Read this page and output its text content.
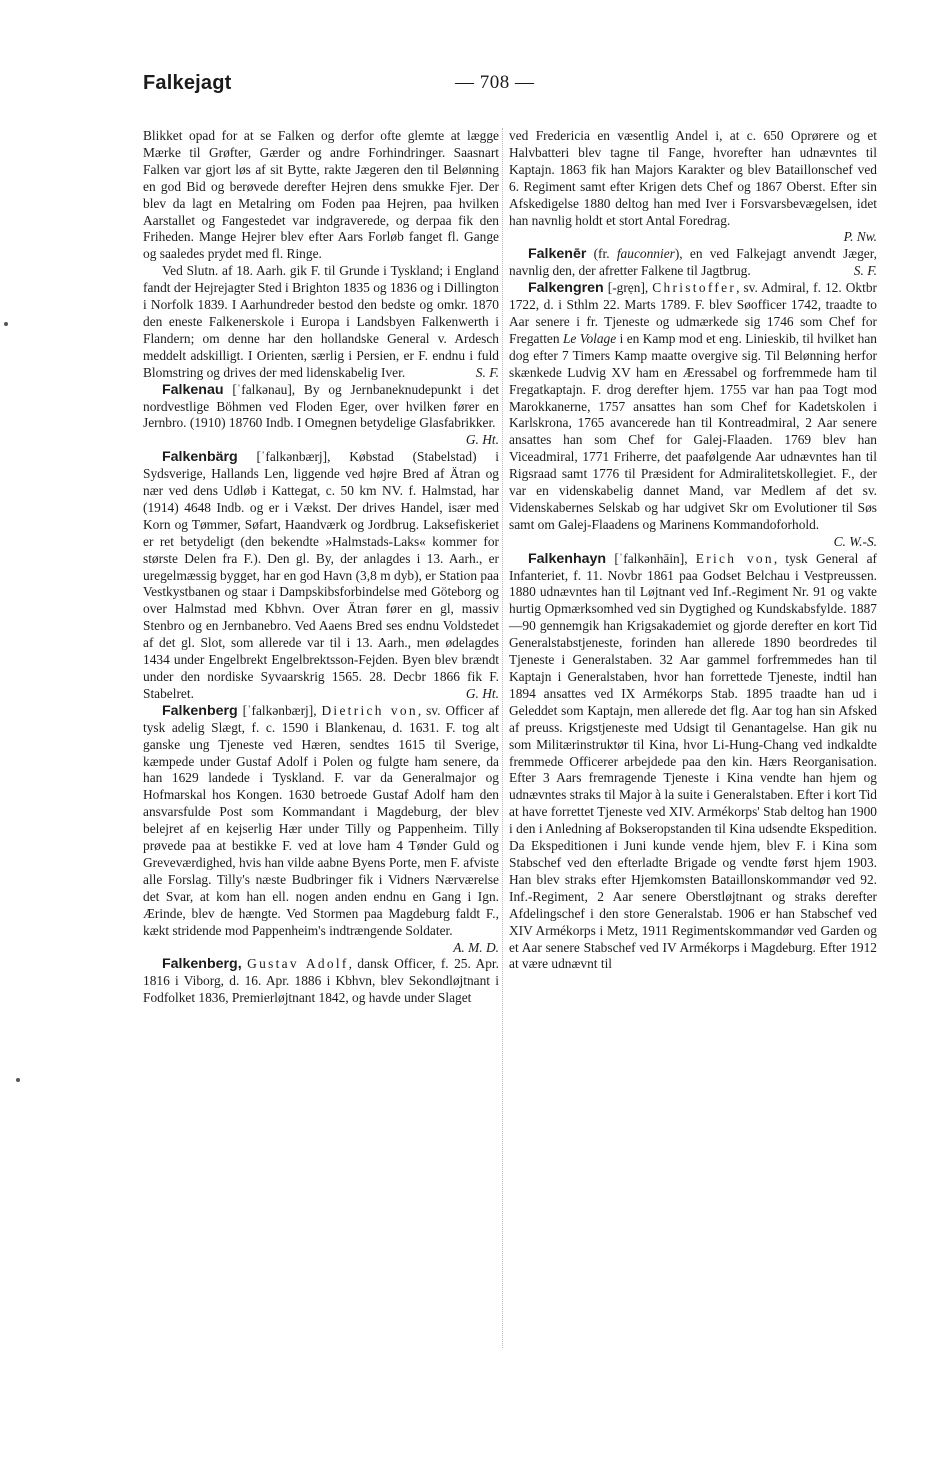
Falkejagt	— 708 —

Blikket opad for at se Falken og derfor ofte glemte at lægge Mærke til Grøfter, Gærder og andre Forhindringer. Saasnart Falken var gjort løs af sit Bytte, rakte Jægeren den til Belønning en god Bid og berøvede derefter Hejren dens smukke Fjer. Der blev da lagt en Metalring om Foden paa Hejren, paa hvilken Aarstallet og Fangestedet var indgraverede, og derpaa fik den Friheden. Mange Hejrer blev efter Aars Forløb fanget fl. Gange og saaledes prydet med fl. Ringe.

Ved Slutn. af 18. Aarh. gik F. til Grunde i Tyskland; i England fandt der Hejrejagter Sted i Brighton 1835 og 1836 og i Dillington i Norfolk 1839. I Aarhundreder bestod den bedste og omkr. 1870 den eneste Falkenerskole i Europa i Landsbyen Falkenwerth i Flandern; om denne har den hollandske General v. Ardesch meddelt adskilligt. I Orienten, særlig i Persien, er F. endnu i fuld Blomstring og drives der med lidenskabelig Iver.	S. F.

Falkenau [ˈfalkənau], By og Jernbaneknudepunkt i det nordvestlige Böhmen ved Floden Eger, over hvilken fører en Jernbro. (1910) 18760 Indb. I Omegnen betydelige Glasfabrikker.
G. Ht.

Falkenbärg [ˈfalkənbærj], Købstad (Stabelstad) i Sydsverige, Hallands Len, liggende ved højre Bred af Ätran og nær ved dens Udløb i Kattegat, c. 50 km NV. f. Halmstad, har (1914) 4648 Indb. og er i Vækst. Der drives Handel, især med Korn og Tømmer, Søfart, Haandværk og Jordbrug. Laksefiskeriet er ret betydeligt (den bekendte »Halmstads-Laks« kommer for største Delen fra F.). Den gl. By, der anlagdes i 13. Aarh., er uregelmæssig bygget, har en god Havn (3,8 m dyb), er Station paa Vestkystbanen og staar i Dampskibsforbindelse med Göteborg og over Halmstad med Kbhvn. Over Ätran fører en gl, massiv Stenbro og en Jernbanebro. Ved Aaens Bred ses endnu Voldstedet af det gl. Slot, som allerede var til i 13. Aarh., men ødelagdes 1434 under Engelbrekt Engelbrektsson-Fejden. Byen blev brændt under den nordiske Syvaarskrig 1565. 28. Decbr 1866 fik F. Stabelret.	G. Ht.

Falkenberg [ˈfalkənbærj], Dietrich von, sv. Officer af tysk adelig Slægt, f. c. 1590 i Blankenau, d. 1631. F. tog alt ganske ung Tjeneste ved Hæren, sendtes 1615 til Sverige, kæmpede under Gustaf Adolf i Polen og fulgte ham senere, da han 1629 landede i Tyskland. F. var da Generalmajor og Hofmarskal hos Kongen. 1630 betroede Gustaf Adolf ham den ansvarsfulde Post som Kommandant i Magdeburg, der blev belejret af en kejserlig Hær under Tilly og Pappenheim. Tilly prøvede paa at bestikke F. ved at love ham 4 Tønder Guld og Greveværdighed, hvis han vilde aabne Byens Porte, men F. afviste alle Forslag. Tilly's næste Budbringer fik i Vidners Nærværelse det Svar, at kom han ell. nogen anden endnu en Gang i Ign. Ærinde, blev de hængte. Ved Stormen paa Magdeburg faldt F., kækt stridende mod Pappenheim's indtrængende Soldater.
A. M. D.

Falkenberg, Gustav Adolf, dansk Officer, f. 25. Apr. 1816 i Viborg, d. 16. Apr. 1886 i Kbhvn, blev Sekondløjtnant i Fodfolket 1836, Premierløjtnant 1842, og havde under Slaget

ved Fredericia en væsentlig Andel i, at c. 650 Oprørere og et Halvbatteri blev tagne til Fange, hvorefter han udnævntes til Kaptajn. 1863 fik han Majors Karakter og blev Bataillonschef ved 6. Regiment samt efter Krigen dets Chef og 1867 Oberst. Efter sin Afskedigelse 1880 deltog han med Iver i Forsvarsbevægelsen, idet han navnlig holdt et stort Antal Foredrag.

P. Nw.

Falkenēr (fr. fauconnier), en ved Falkejagt anvendt Jæger, navnlig den, der afretter Falkene til Jagtbrug.	S. F.

Falkengren [-grẹn], Christoffer, sv. Admiral, f. 12. Oktbr 1722, d. i Sthlm 22. Marts 1789. F. blev Søofficer 1742, traadte to Aar senere i fr. Tjeneste og udmærkede sig 1746 som Chef for Fregatten Le Volage i en Kamp mod et eng. Linieskib, til hvilket han dog efter 7 Timers Kamp maatte overgive sig. Til Belønning herfor skænkede Ludvig XV ham en Æressabel og forfremmede ham til Fregatkaptajn. F. drog derefter hjem. 1755 var han paa Togt mod Marokkanerne, 1757 ansattes han som Chef for Kadetskolen i Karlskrona, 1765 avancerede han til Kontreadmiral, 2 Aar senere ansattes han som Chef for Galej-Flaaden. 1769 blev han Viceadmiral, 1771 Friherre, det paafølgende Aar udnævntes han til Rigsraad samt 1776 til Præsident for Admiralitetskollegiet. F., der var en videnskabelig dannet Mand, var Medlem af det sv. Videnskabernes Selskab og har udgivet Skr om Evolutioner til Søs samt om Galej-Flaadens og Marinens Kommandoforhold.
C. W.-S.

Falkenhayn [ˈfalkənhāin], Erich von, tysk General af Infanteriet, f. 11. Novbr 1861 paa Godset Belchau i Vestpreussen. 1880 udnævntes han til Løjtnant ved Inf.-Regiment Nr. 91 og vakte hurtig Opmærksomhed ved sin Dygtighed og Kundskabsfylde. 1887—90 gennemgik han Krigsakademiet og gjorde derefter en kort Tid Generalstabstjeneste, forinden han allerede 1890 beordredes til Tjeneste i Generalstaben. 32 Aar gammel forfremmedes han til Kaptajn i Generalstaben, hvor han forrettede Tjeneste, indtil han 1894 ansattes ved IX Armékorps Stab. 1895 traadte han ud i Geleddet som Kaptajn, men allerede det flg. Aar tog han sin Afsked af preuss. Krigstjeneste med Udsigt til Genantagelse. Han gik nu som Militærinstruktør til Kina, hvor Li-Hung-Chang ved indkaldte fremmede Officerer arbejdede paa den kin. Hærs Reorganisation. Efter 3 Aars fremragende Tjeneste i Kina vendte han hjem og udnævntes straks til Major à la suite i Generalstaben. Efter i kort Tid at have forrettet Tjeneste ved XIV. Armékorps' Stab deltog han 1900 i den i Anledning af Bokseropstanden til Kina udsendte Ekspedition. Da Ekspeditionen i Juni kunde vende hjem, blev F. i Kina som Stabschef ved den efterladte Brigade og vendte først hjem 1903. Han blev straks efter Hjemkomsten Bataillonskommandør ved 92. Inf.-Regiment, 2 Aar senere Oberstløjtnant og straks derefter Afdelingschef i den store Generalstab. 1906 er han Stabschef ved XIV Armékorps i Metz, 1911 Regimentskommandør ved Garden og et Aar senere Stabschef ved IV Armékorps i Magdeburg. Efter 1912 at være udnævnt til
